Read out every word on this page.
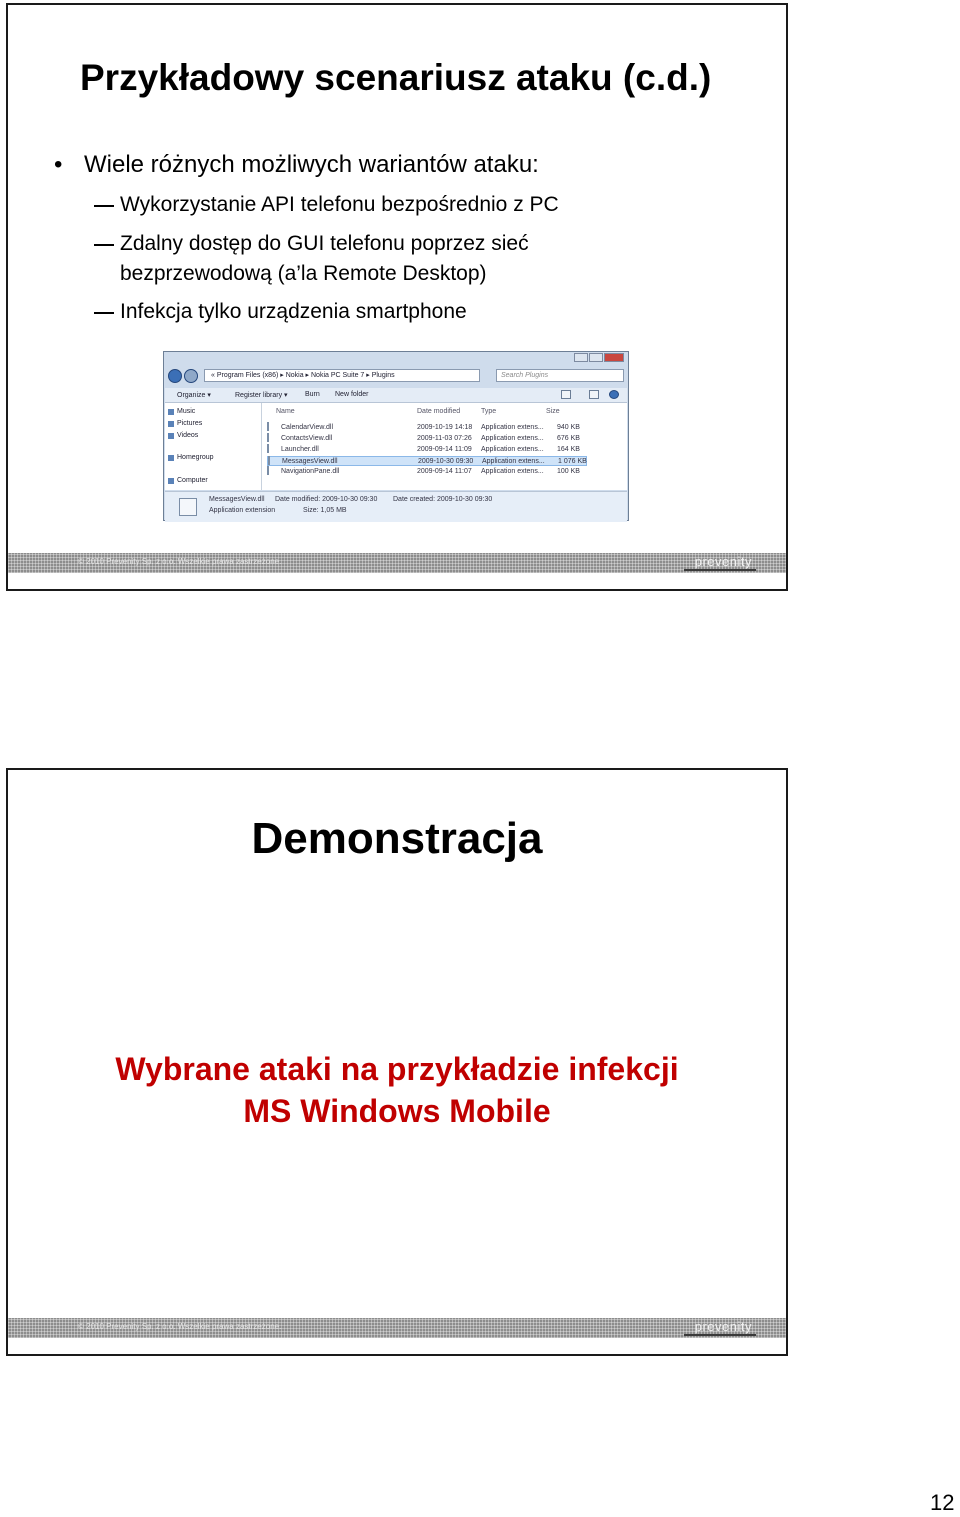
Przykładowy scenariusz ataku (c.d.)
• Wiele różnych możliwych wariantów ataku:
Wykorzystanie API telefonu bezpośrednio z PC
Zdalny dostęp do GUI telefonu poprzez sieć
bezprzewodową (a’la Remote Desktop)
Infekcja tylko urządzenia smartphone
« Program Files (x86) ▸ Nokia ▸ Nokia PC Suite 7 ▸ Plugins	Search Plugins
Organize ▾	Register library ▾ Burn New folder
Music
Pictures
Videos
Homegroup
Computer
Name	Date modified	Type	Size
CalendarView.dll	2009-10-19 14:18 Application extens... 940 KB
ContactsView.dll	2009-11-03 07:26 Application extens... 676 KB
Launcher.dll	2009-09-14 11:09 Application extens... 164 KB
MessagesView.dll	2009-10-30 09:30 Application extens... 1 076 KB
NavigationPane.dll	2009-09-14 11:07 Application extens... 100 KB
MessagesView.dll
Application extension
Date modified: 2009-10-30 09:30
Size: 1,05 MB
Date created: 2009-10-30 09:30
© 2010 Prevenity Sp. z o.o. Wszelkie prawa zastrzeżone.	prevenity
Demonstracja
Wybrane ataki na przykładzie infekcji
MS Windows Mobile
© 2010 Prevenity Sp. z o.o. Wszelkie prawa zastrzeżone.	prevenity
12
